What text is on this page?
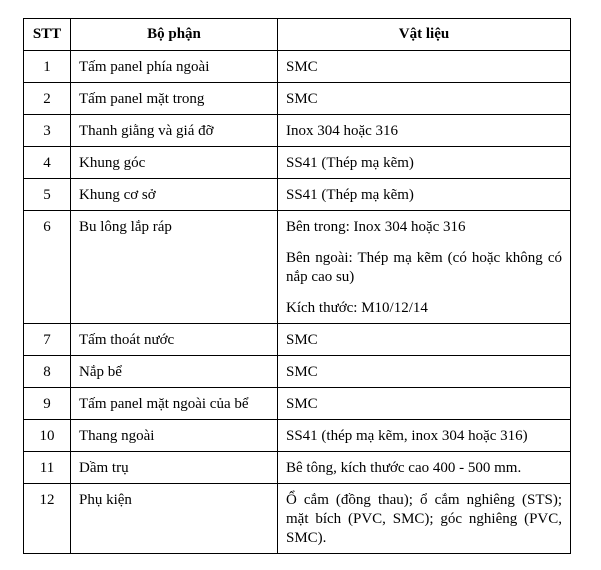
STT	Bộ phận	Vật liệu
1	Tấm panel phía ngoài	SMC

2	Tấm panel mặt trong	SMC

3	Thanh giằng và giá đỡ	Inox 304 hoặc 316

4	Khung góc	SS41 (Thép mạ kẽm)

5	Khung cơ sở	SS41 (Thép mạ kẽm)

6	Bu lông lắp ráp	Bên trong: Inox 304 hoặc 316
Bên ngoài: Thép mạ kẽm (có hoặc không có nắp cao su)
Kích thước: M10/12/14

7	Tấm thoát nước	SMC

8	Nắp bể	SMC

9	Tấm panel mặt ngoài của bể	SMC

10	Thang ngoài	SS41 (thép mạ kẽm, inox 304 hoặc 316)

11	Dầm trụ	Bê tông, kích thước cao 400 - 500 mm.

12	Phụ kiện	Ổ cắm (đồng thau); ổ cắm nghiêng (STS); mặt bích (PVC, SMC); góc nghiêng (PVC, SMC).
